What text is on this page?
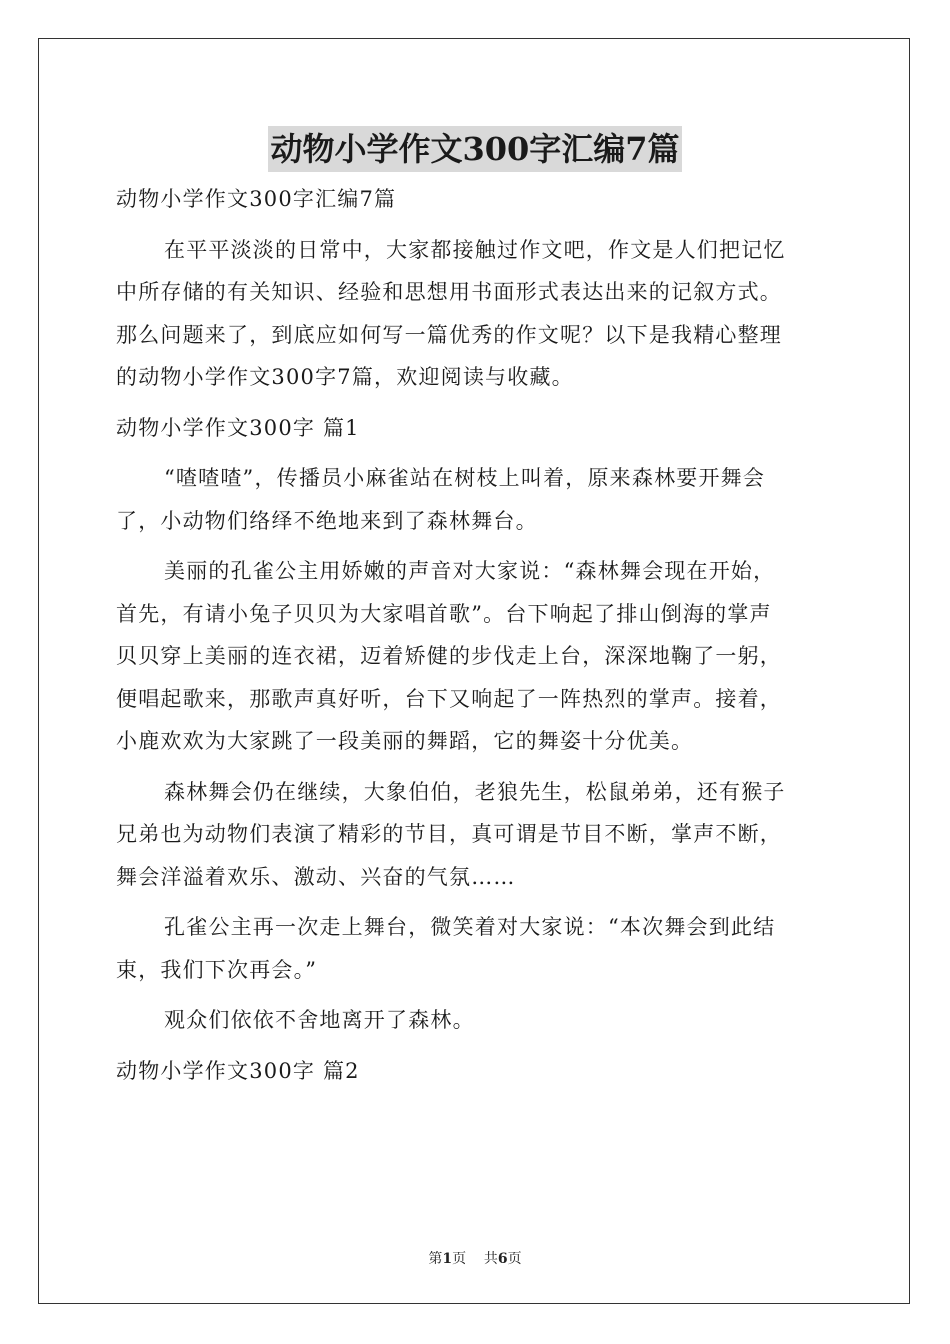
动物小学作文300字汇编7篇

动物小学作文300字汇编7篇

在平平淡淡的日常中，大家都接触过作文吧，作文是人们把记忆
中所存储的有关知识、经验和思想用书面形式表达出来的记叙方式。
那么问题来了，到底应如何写一篇优秀的作文呢？以下是我精心整理
的动物小学作文300字7篇，欢迎阅读与收藏。

动物小学作文300字 篇1

“喳喳喳”，传播员小麻雀站在树枝上叫着，原来森林要开舞会
了，小动物们络绎不绝地来到了森林舞台。

美丽的孔雀公主用娇嫩的声音对大家说：“森林舞会现在开始，
首先，有请小兔子贝贝为大家唱首歌”。台下响起了排山倒海的掌声
贝贝穿上美丽的连衣裙，迈着矫健的步伐走上台，深深地鞠了一躬，
便唱起歌来，那歌声真好听，台下又响起了一阵热烈的掌声。接着，
小鹿欢欢为大家跳了一段美丽的舞蹈，它的舞姿十分优美。

森林舞会仍在继续，大象伯伯，老狼先生，松鼠弟弟，还有猴子
兄弟也为动物们表演了精彩的节目，真可谓是节目不断，掌声不断，
舞会洋溢着欢乐、激动、兴奋的气氛……

孔雀公主再一次走上舞台，微笑着对大家说：“本次舞会到此结
束，我们下次再会。”

观众们依依不舍地离开了森林。

动物小学作文300字 篇2

第1页 共6页
